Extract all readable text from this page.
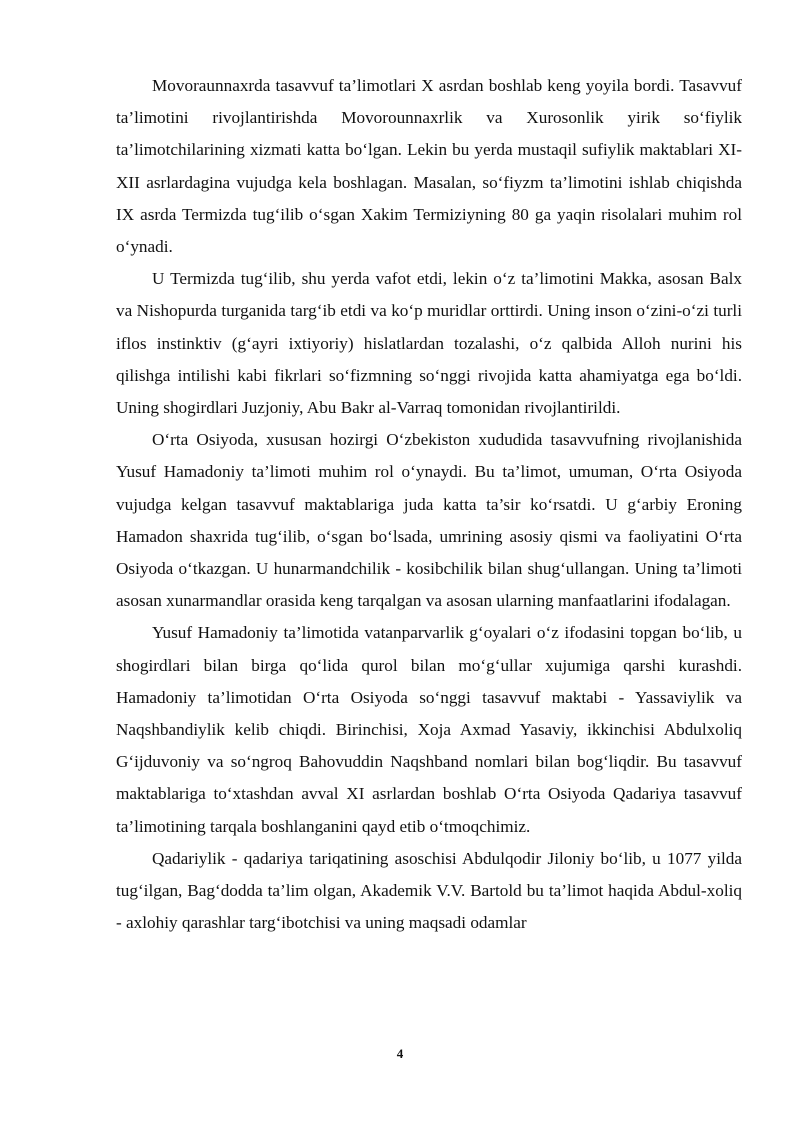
Movoraunnaxrda tasavvuf ta’limotlari X asrdan boshlab keng yoyila bordi. Tasavvuf ta’limotini rivojlantirishda Movorounnaxrlik va Xurosonlik yirik so‘fiylik ta’limotchilarining xizmati katta bo‘lgan. Lekin bu yerda mustaqil sufiylik maktablari XI-XII asrlardagina vujudga kela boshlagan. Masalan, so‘fiyzm ta’limotini ishlab chiqishda IX asrda Termizda tug‘ilib o‘sgan Xakim Termiziyning 80 ga yaqin risolalari muhim rol o‘ynadi.

U Termizda tug‘ilib, shu yerda vafot etdi, lekin o‘z ta’limotini Makka, asosan Balx va Nishopurda turganida targ‘ib etdi va ko‘p muridlar orttirdi. Uning inson o‘zini-o‘zi turli iflos instinktiv (g‘ayri ixtiyoriy) hislatlardan tozalashi, o‘z qalbida Alloh nurini his qilishga intilishi kabi fikrlari so‘fizmning so‘nggi rivojida katta ahamiyatga ega bo‘ldi. Uning shogirdlari Juzjoniy, Abu Bakr al-Varraq tomonidan rivojlantirildi.

O‘rta Osiyoda, xususan hozirgi O‘zbekiston xududida tasavvufning rivojlanishida Yusuf Hamadoniy ta’limoti muhim rol o‘ynaydi. Bu ta’limot, umuman, O‘rta Osiyoda vujudga kelgan tasavvuf maktablariga juda katta ta’sir ko‘rsatdi. U g‘arbiy Eroning Hamadon shaxrida tug‘ilib, o‘sgan bo‘lsada, umrining asosiy qismi va faoliyatini O‘rta Osiyoda o‘tkazgan. U hunarmandchilik - kosibchilik bilan shug‘ullangan. Uning ta’limoti asosan xunarmandlar orasida keng tarqalgan va asosan ularning manfaatlarini ifodalagan.

Yusuf Hamadoniy ta’limotida vatanparvarlik g‘oyalari o‘z ifodasini topgan bo‘lib, u shogirdlari bilan birga qo‘lida qurol bilan mo‘g‘ullar xujumiga qarshi kurashdi. Hamadoniy ta’limotidan O‘rta Osiyoda so‘nggi tasavvuf maktabi - Yassaviylik va Naqshbandiylik kelib chiqdi. Birinchisi, Xoja Axmad Yasaviy, ikkinchisi Abdulxoliq G‘ijduvoniy va so‘ngroq Bahovuddin Naqshband nomlari bilan bog‘liqdir. Bu tasavvuf maktablariga to‘xtashdan avval XI asrlardan boshlab O‘rta Osiyoda Qadariya tasavvuf ta’limotining tarqala boshlanganini qayd etib o‘tmoqchimiz.

Qadariylik - qadariya tariqatining asoschisi Abdulqodir Jiloniy bo‘lib, u 1077 yilda tug‘ilgan, Bag‘dodda ta’lim olgan, Akademik V.V. Bartold bu ta’limot haqida Abdul-xoliq - axlohiy qarashlar targ‘ibotchisi va uning maqsadi odamlar

4
